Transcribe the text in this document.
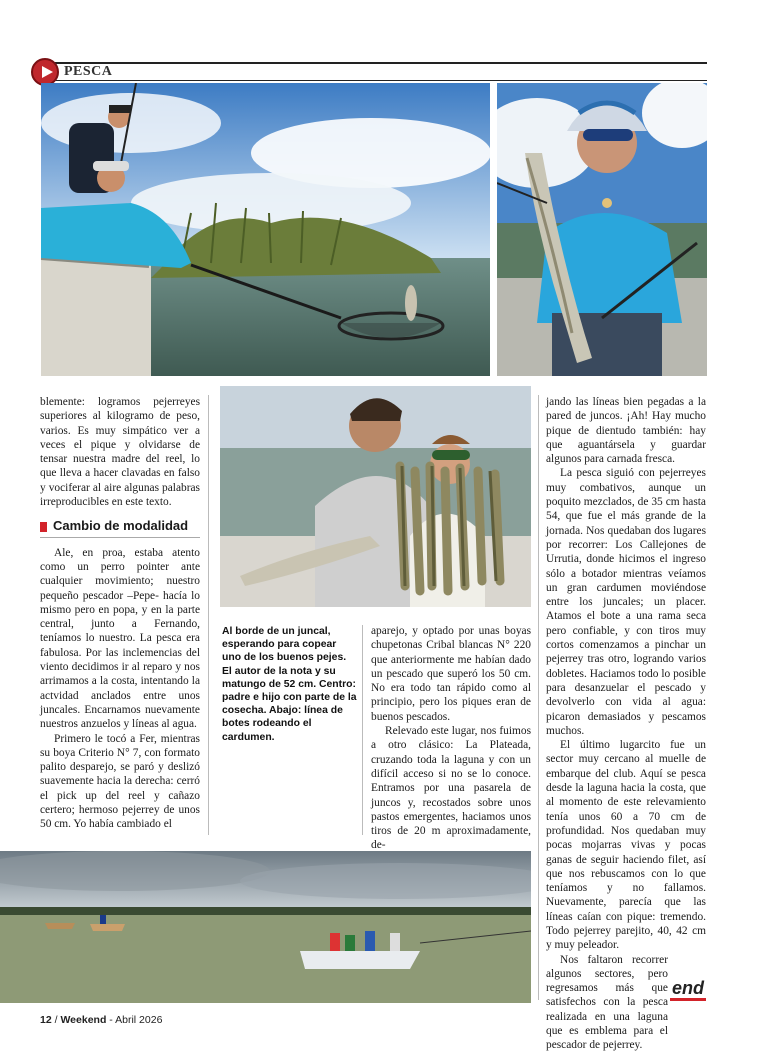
PESCA

blemente: logramos pejerreyes superiores al kilogramo de peso, varios. Es muy simpático ver a veces el pique y olvidarse de tensar nuestra madre del reel, lo que lleva a hacer clavadas en falso y vociferar al aire algunas palabras irreproducibles en este texto.

Cambio de modalidad

Ale, en proa, estaba atento como un perro pointer ante cualquier movimiento; nuestro pequeño pescador –Pepe- hacía lo mismo pero en popa, y en la parte central, junto a Fernando, teníamos lo nuestro. La pesca era fabulosa. Por las inclemencias del viento decidimos ir al reparo y nos arrimamos a la costa, intentando la actvidad anclados entre unos juncales. Encarnamos nuevamente nuestros anzuelos y líneas al agua.

Primero le tocó a Fer, mientras su boya Criterio N° 7, con formato palito desparejo, se paró y deslizó suavemente hacia la derecha: cerró el pick up del reel y cañazo certero; hermoso pejerrey de unos 50 cm. Yo había cambiado el

Al borde de un juncal, esperando para copear uno de los buenos pejes. El autor de la nota y su matungo de 52 cm. Centro: padre e hijo con parte de la cosecha. Abajo: línea de botes rodeando el cardumen.

aparejo, y optado por unas boyas chupetonas Cribal blancas N° 220 que anteriormente me habían dado un pescado que superó los 50 cm. No era todo tan rápido como al principio, pero los piques eran de buenos pescados.

Relevado este lugar, nos fuimos a otro clásico: La Plateada, cruzando toda la laguna y con un difícil acceso si no se lo conoce. Entramos por una pasarela de juncos y, recostados sobre unos pastos emergentes, haciamos unos tiros de 20 m aproximadamente, de-

jando las líneas bien pegadas a la pared de juncos. ¡Ah! Hay mucho pique de dientudo también: hay que aguantársela y guardar algunos para carnada fresca.

La pesca siguió con pejerreyes muy combativos, aunque un poquito mezclados, de 35 cm hasta 54, que fue el más grande de la jornada. Nos quedaban dos lugares por recorrer: Los Callejones de Urrutia, donde hicimos el ingreso sólo a botador mientras veíamos un gran cardumen moviéndose entre los juncales; un placer. Atamos el bote a una rama seca pero confiable, y con tiros muy cortos comenzamos a pinchar un pejerrey tras otro, logrando varios dobletes. Haciamos todo lo posible para desanzuelar el pescado y devolverlo con vida al agua: picaron demasiados y pescamos muchos.

El último lugarcito fue un sector muy cercano al muelle de embarque del club. Aquí se pesca desde la laguna hacia la costa, que al momento de este relevamiento tenía unos 60 a 70 cm de profundidad. Nos quedaban muy pocas mojarras vivas y pocas ganas de seguir haciendo filet, así que nos rebuscamos con lo que teníamos y no fallamos. Nuevamente, parecía que las líneas caían con pique: tremendo. Todo pejerrey parejito, 40, 42 cm y muy peleador.

Nos faltaron recorrer algunos sectores, pero regresamos más que satisfechos con la pesca realizada en una laguna que es emblema para el pescador de pejerrey.

end
12 / Weekend - Abril 2026
